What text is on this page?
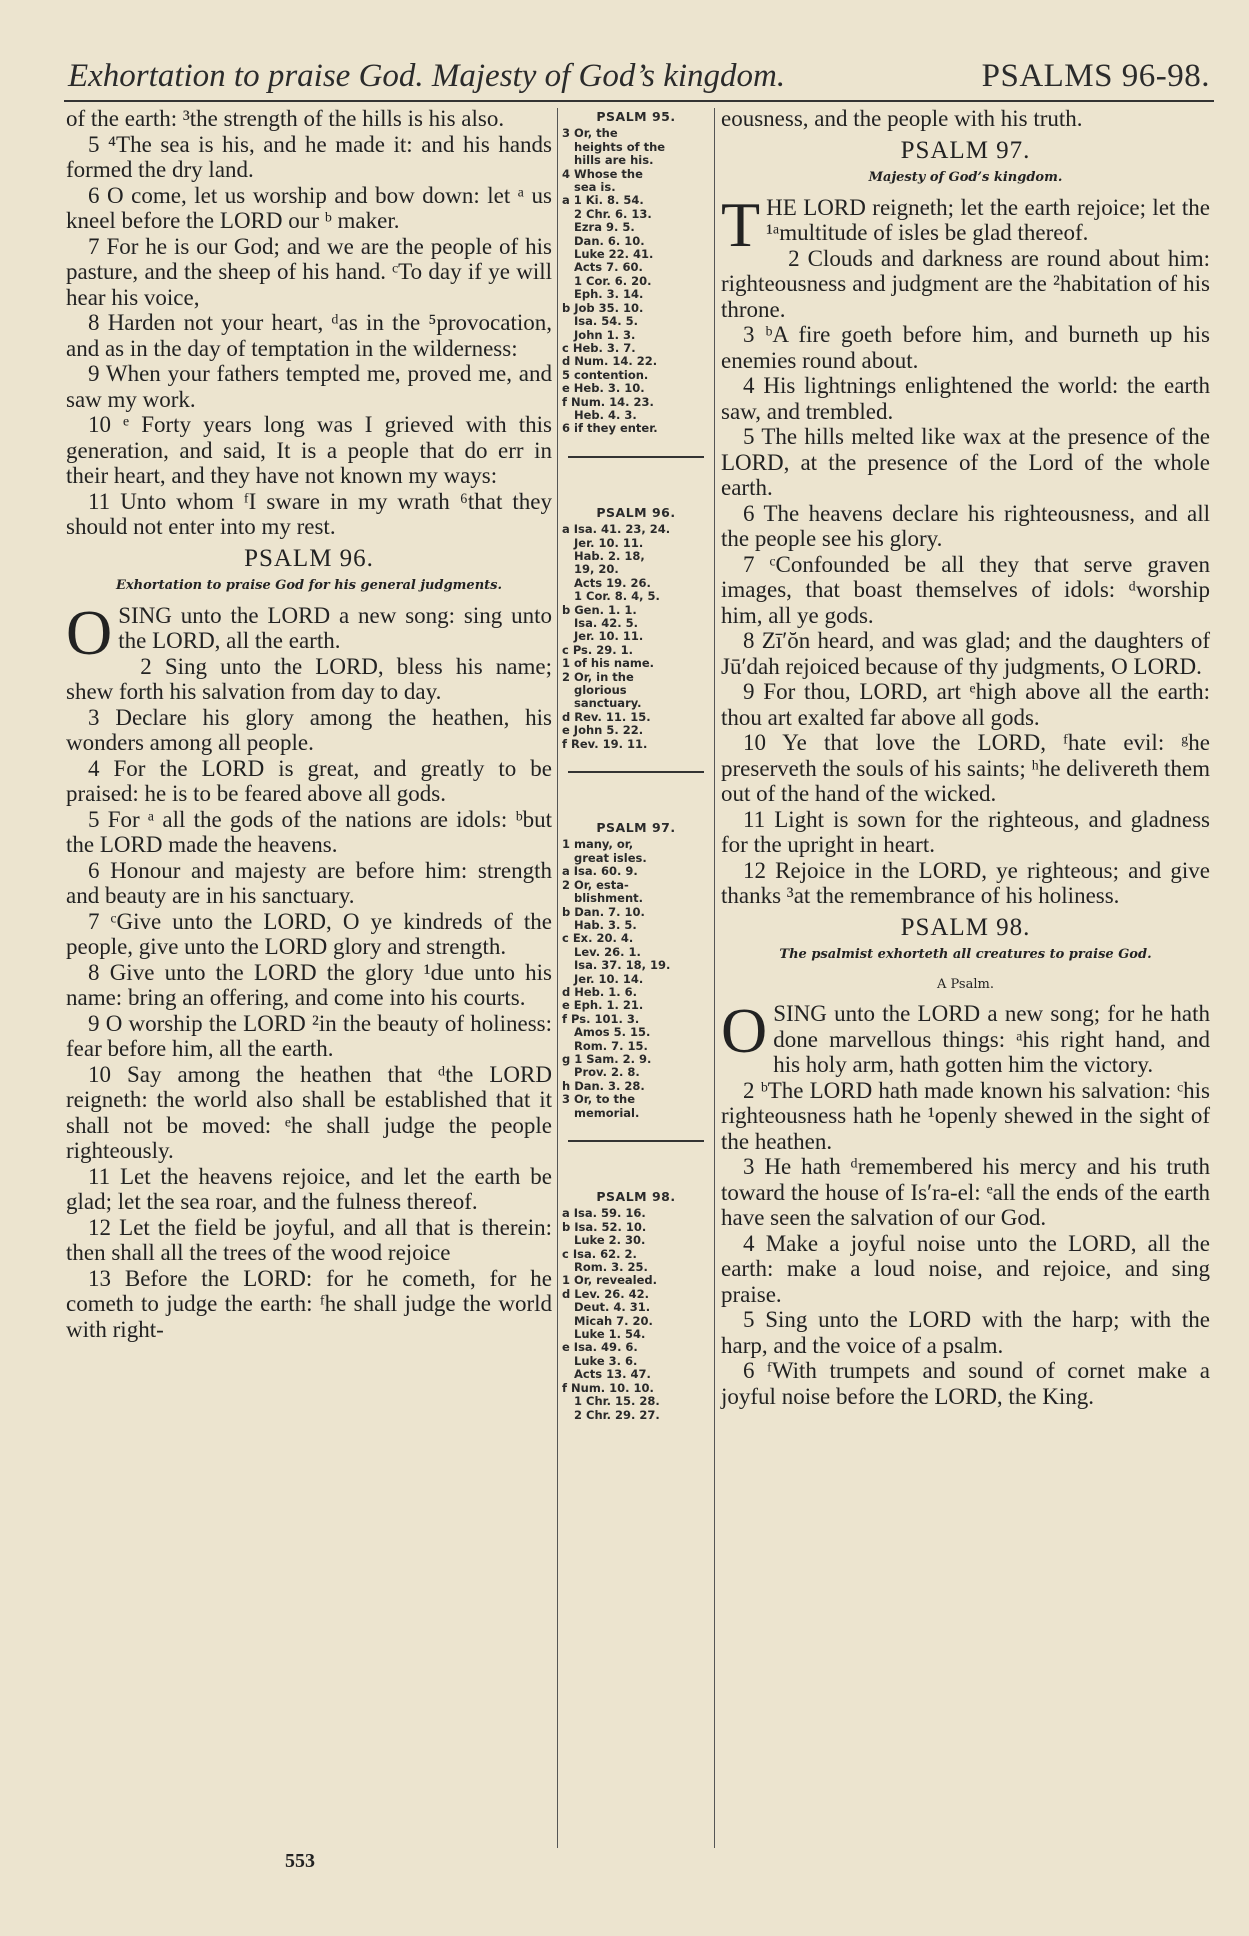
Exhortation to praise God. Majesty of God’s kingdom.	PSALMS 96-98.

of the earth: ³the strength of the hills is his also.

5 ⁴The sea is his, and he made it: and his hands formed the dry land.

6 O come, let us worship and bow down: let ᵃ us kneel before the LORD our ᵇ maker.

7 For he is our God; and we are the people of his pasture, and the sheep of his hand. ᶜTo day if ye will hear his voice,

8 Harden not your heart, ᵈas in the ⁵provocation, and as in the day of temptation in the wilderness:

9 When your fathers tempted me, proved me, and saw my work.

10 ᵉ Forty years long was I grieved with this generation, and said, It is a people that do err in their heart, and they have not known my ways:

11 Unto whom ᶠI sware in my wrath ⁶that they should not enter into my rest.

PSALM 96.
Exhortation to praise God for his general judgments.

OSING unto the LORD a new song: sing unto the LORD, all the earth.

2 Sing unto the LORD, bless his name; shew forth his salvation from day to day.

3 Declare his glory among the heathen, his wonders among all people.

4 For the LORD is great, and greatly to be praised: he is to be feared above all gods.

5 For ᵃ all the gods of the nations are idols: ᵇbut the LORD made the heavens.

6 Honour and majesty are before him: strength and beauty are in his sanctuary.

7 ᶜGive unto the LORD, O ye kindreds of the people, give unto the LORD glory and strength.

8 Give unto the LORD the glory ¹due unto his name: bring an offering, and come into his courts.

9 O worship the LORD ²in the beauty of holiness: fear before him, all the earth.

10 Say among the heathen that ᵈthe LORD reigneth: the world also shall be established that it shall not be moved: ᵉhe shall judge the people righteously.

11 Let the heavens rejoice, and let the earth be glad; let the sea roar, and the fulness thereof.

12 Let the field be joyful, and all that is therein: then shall all the trees of the wood rejoice

13 Before the LORD: for he cometh, for he cometh to judge the earth: ᶠhe shall judge the world with right-

PSALM 95.
3 Or, the
heights of the
hills are his.
4 Whose the
sea is.
a 1 Ki. 8. 54.
2 Chr. 6. 13.
Ezra 9. 5.
Dan. 6. 10.
Luke 22. 41.
Acts 7. 60.
1 Cor. 6. 20.
Eph. 3. 14.
b Job 35. 10.
Isa. 54. 5.
John 1. 3.
c Heb. 3. 7.
d Num. 14. 22.
5 contention.
e Heb. 3. 10.
f Num. 14. 23.
Heb. 4. 3.
6 if they enter.
PSALM 96.
a Isa. 41. 23, 24.
Jer. 10. 11.
Hab. 2. 18,
19, 20.
Acts 19. 26.
1 Cor. 8. 4, 5.
b Gen. 1. 1.
Isa. 42. 5.
Jer. 10. 11.
c Ps. 29. 1.
1 of his name.
2 Or, in the
glorious
sanctuary.
d Rev. 11. 15.
e John 5. 22.
f Rev. 19. 11.
PSALM 97.
1 many, or,
great isles.
a Isa. 60. 9.
2 Or, esta-
blishment.
b Dan. 7. 10.
Hab. 3. 5.
c Ex. 20. 4.
Lev. 26. 1.
Isa. 37. 18, 19.
Jer. 10. 14.
d Heb. 1. 6.
e Eph. 1. 21.
f Ps. 101. 3.
Amos 5. 15.
Rom. 7. 15.
g 1 Sam. 2. 9.
Prov. 2. 8.
h Dan. 3. 28.
3 Or, to the
memorial.
PSALM 98.
a Isa. 59. 16.
b Isa. 52. 10.
Luke 2. 30.
c Isa. 62. 2.
Rom. 3. 25.
1 Or, revealed.
d Lev. 26. 42.
Deut. 4. 31.
Micah 7. 20.
Luke 1. 54.
e Isa. 49. 6.
Luke 3. 6.
Acts 13. 47.
f Num. 10. 10.
1 Chr. 15. 28.
2 Chr. 29. 27.

eousness, and the people with his truth.

PSALM 97.
Majesty of God’s kingdom.

THE LORD reigneth; let the earth rejoice; let the ¹ᵃmultitude of isles be glad thereof.

2 Clouds and darkness are round about him: righteousness and judgment are the ²habitation of his throne.

3 ᵇA fire goeth before him, and burneth up his enemies round about.

4 His lightnings enlightened the world: the earth saw, and trembled.

5 The hills melted like wax at the presence of the LORD, at the presence of the Lord of the whole earth.

6 The heavens declare his righteousness, and all the people see his glory.

7 ᶜConfounded be all they that serve graven images, that boast themselves of idols: ᵈworship him, all ye gods.

8 Zī′ŏn heard, and was glad; and the daughters of Jū′dah rejoiced because of thy judgments, O LORD.

9 For thou, LORD, art ᵉhigh above all the earth: thou art exalted far above all gods.

10 Ye that love the LORD, ᶠhate evil: ᵍhe preserveth the souls of his saints; ʰhe delivereth them out of the hand of the wicked.

11 Light is sown for the righteous, and gladness for the upright in heart.

12 Rejoice in the LORD, ye righteous; and give thanks ³at the remembrance of his holiness.

PSALM 98.
The psalmist exhorteth all creatures to praise God.
A Psalm.

OSING unto the LORD a new song; for he hath done marvellous things: ᵃhis right hand, and his holy arm, hath gotten him the victory.

2 ᵇThe LORD hath made known his salvation: ᶜhis righteousness hath he ¹openly shewed in the sight of the heathen.

3 He hath ᵈremembered his mercy and his truth toward the house of Is′ra-el: ᵉall the ends of the earth have seen the salvation of our God.

4 Make a joyful noise unto the LORD, all the earth: make a loud noise, and rejoice, and sing praise.

5 Sing unto the LORD with the harp; with the harp, and the voice of a psalm.

6 ᶠWith trumpets and sound of cornet make a joyful noise before the LORD, the King.

553
